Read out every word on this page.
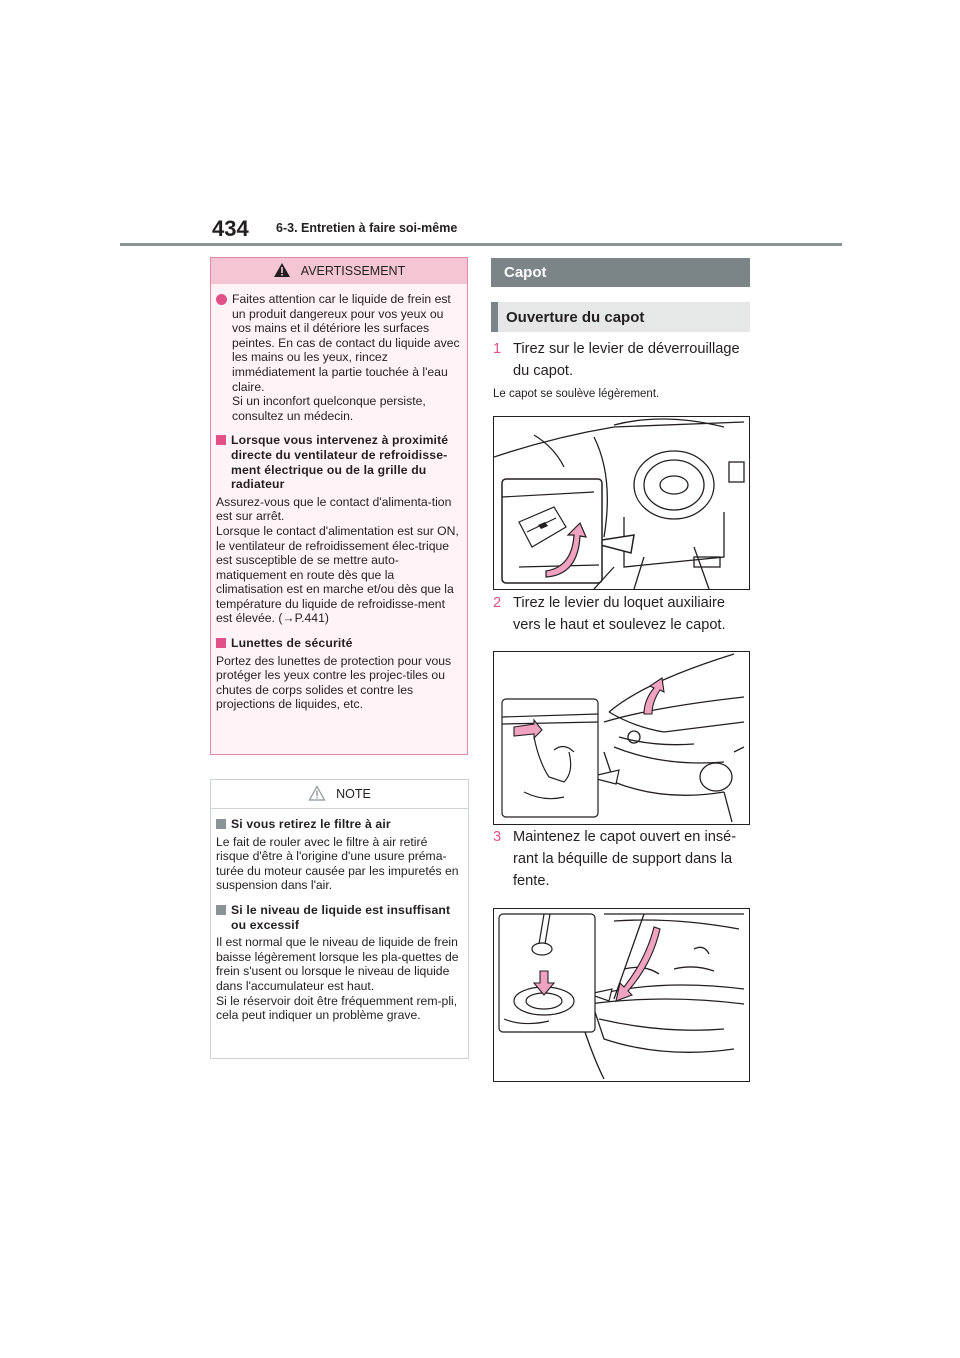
434 6-3. Entretien à faire soi-même
AVERTISSEMENT
Faites attention car le liquide de frein est un produit dangereux pour vos yeux ou vos mains et il détériore les surfaces peintes. En cas de contact du liquide avec les mains ou les yeux, rincez immédiatement la partie touchée à l'eau claire.
Si un inconfort quelconque persiste, consultez un médecin.
Lorsque vous intervenez à proximité directe du ventilateur de refroidisse-ment électrique ou de la grille du radiateur
Assurez-vous que le contact d'alimenta-tion est sur arrêt.
Lorsque le contact d'alimentation est sur ON, le ventilateur de refroidissement élec-trique est susceptible de se mettre auto-matiquement en route dès que la climatisation est en marche et/ou dès que la température du liquide de refroidisse-ment est élevée. (→P.441)
Lunettes de sécurité
Portez des lunettes de protection pour vous protéger les yeux contre les projec-tiles ou chutes de corps solides et contre les projections de liquides, etc.
NOTE
Si vous retirez le filtre à air
Le fait de rouler avec le filtre à air retiré risque d'être à l'origine d'une usure préma-turée du moteur causée par les impuretés en suspension dans l'air.
Si le niveau de liquide est insuffisant ou excessif
Il est normal que le niveau de liquide de frein baisse légèrement lorsque les pla-quettes de frein s'usent ou lorsque le niveau de liquide dans l'accumulateur est haut.
Si le réservoir doit être fréquemment rem-pli, cela peut indiquer un problème grave.
Capot
Ouverture du capot
1 Tirez sur le levier de déverrouillage du capot.
Le capot se soulève légèrement.
2 Tirez le levier du loquet auxiliaire vers le haut et soulevez le capot.
3 Maintenez le capot ouvert en insé-rant la béquille de support dans la fente.
